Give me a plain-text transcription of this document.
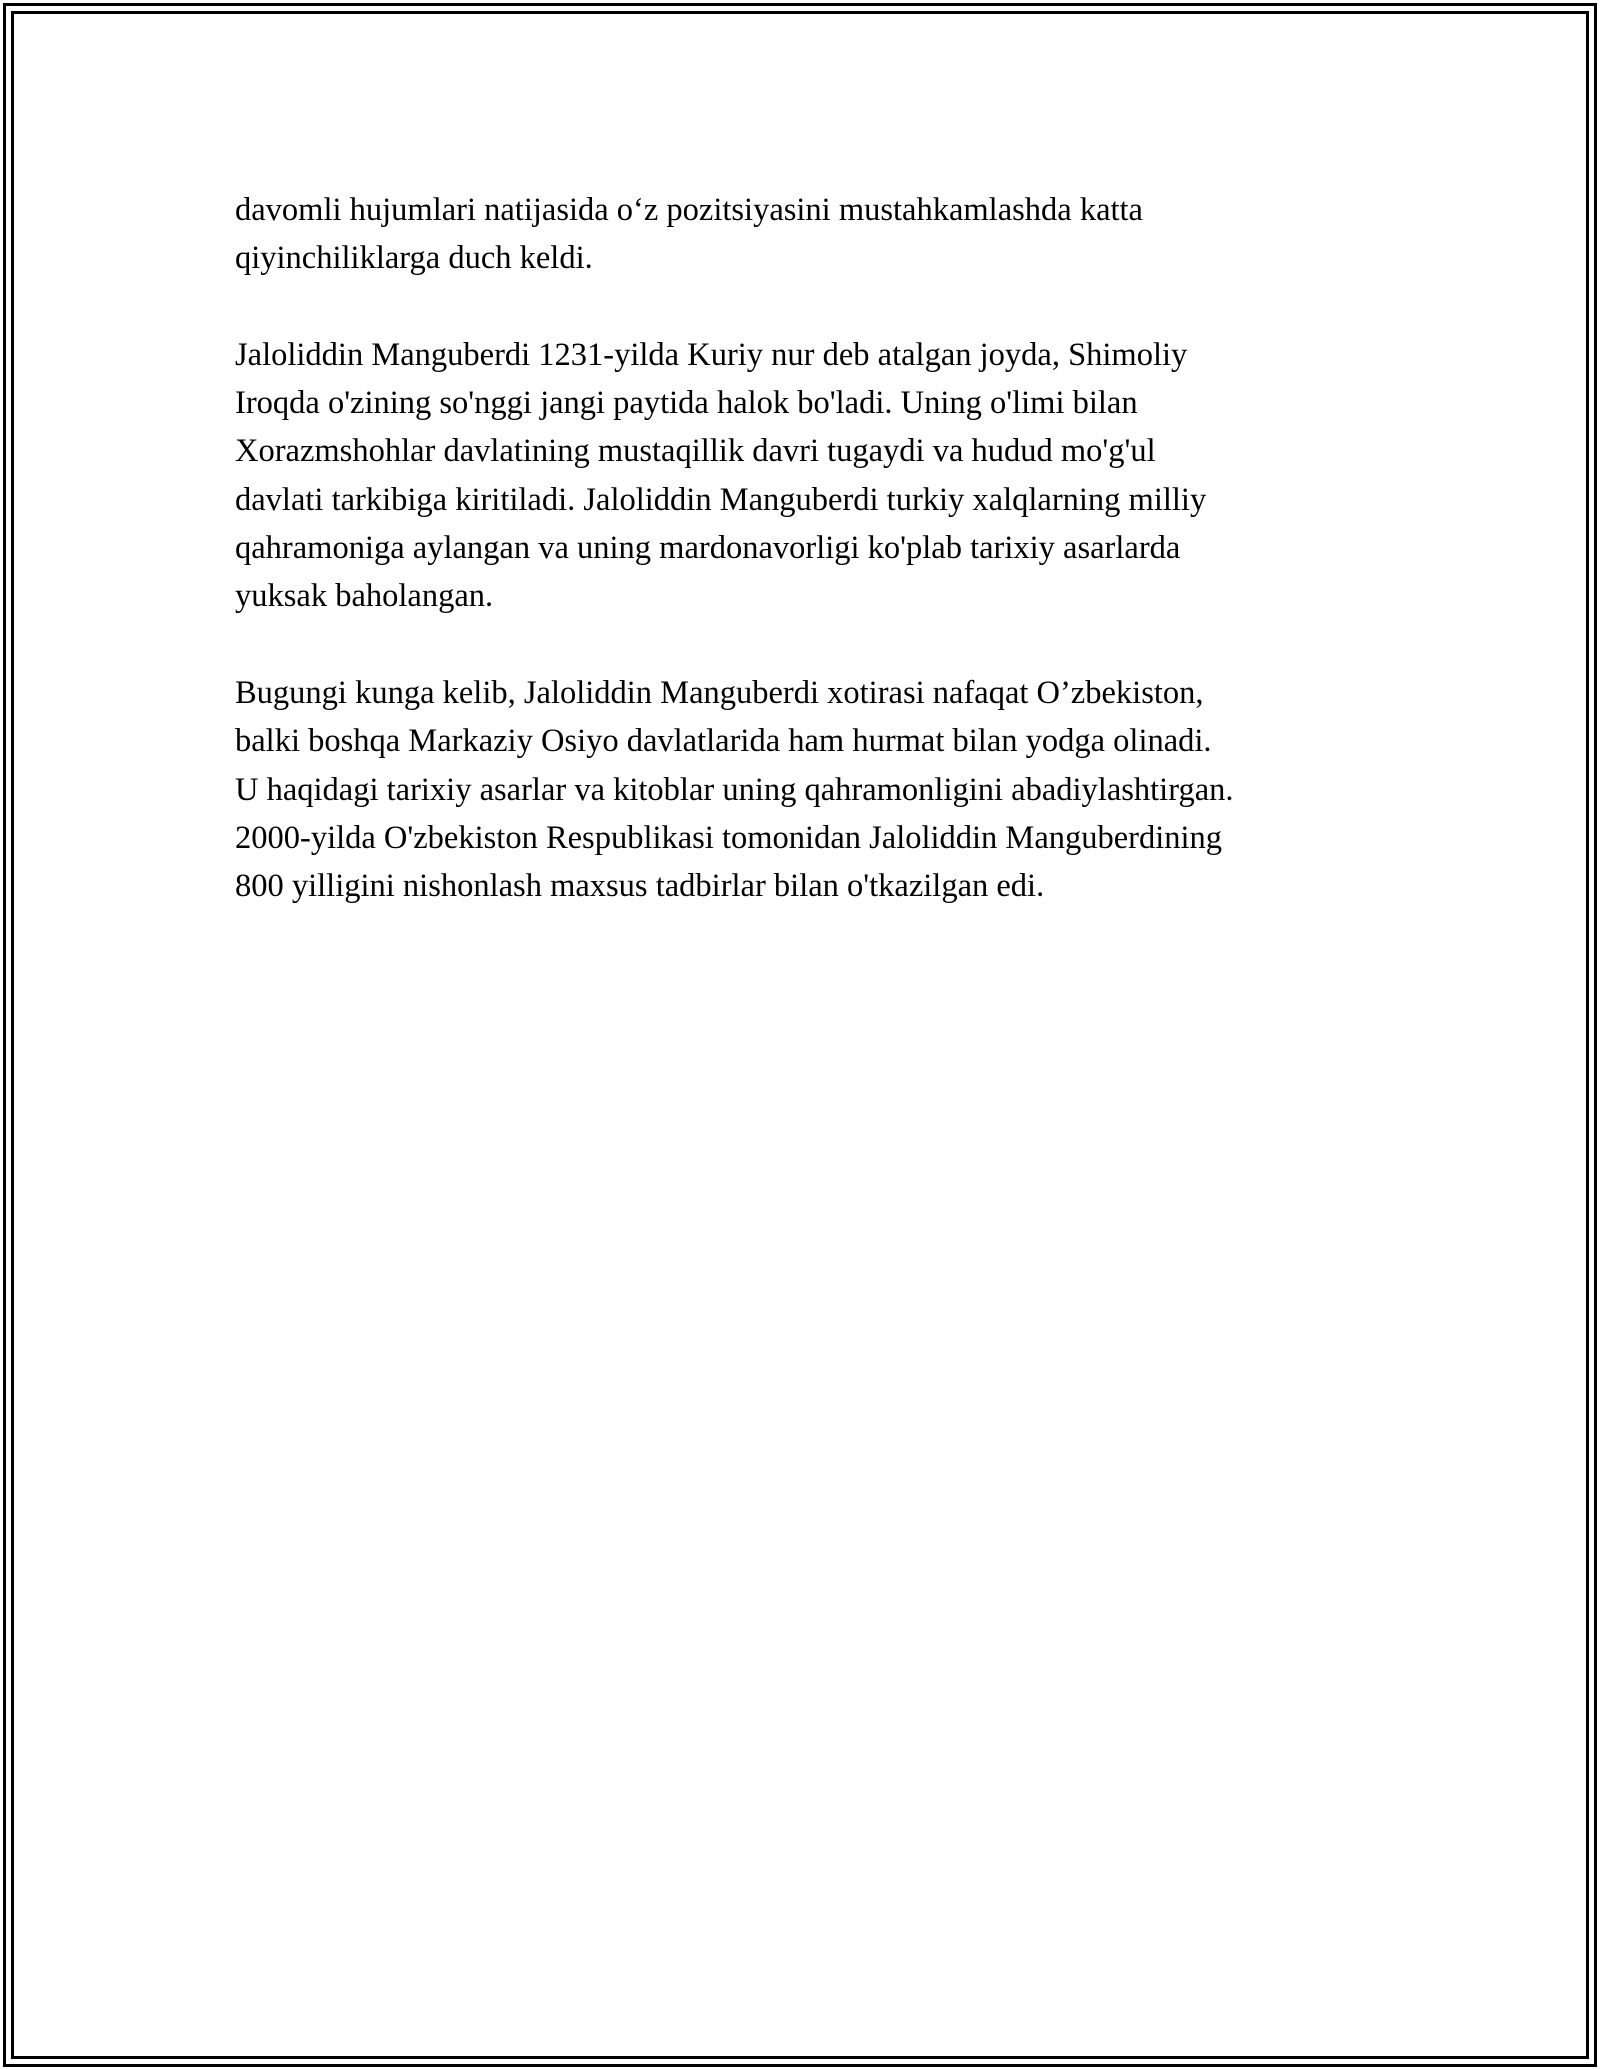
davomli hujumlari natijasida o‘z pozitsiyasini mustahkamlashda katta
qiyinchiliklarga duch keldi.

Jaloliddin Manguberdi 1231-yilda Kuriy nur deb atalgan joyda, Shimoliy
Iroqda o'zining so'nggi jangi paytida halok bo'ladi. Uning o'limi bilan
Xorazmshohlar davlatining mustaqillik davri tugaydi va hudud mo'g'ul
davlati tarkibiga kiritiladi. Jaloliddin Manguberdi turkiy xalqlarning milliy
qahramoniga aylangan va uning mardonavorligi ko'plab tarixiy asarlarda
yuksak baholangan.

Bugungi kunga kelib, Jaloliddin Manguberdi xotirasi nafaqat O’zbekiston,
balki boshqa Markaziy Osiyo davlatlarida ham hurmat bilan yodga olinadi.
U haqidagi tarixiy asarlar va kitoblar uning qahramonligini abadiylashtirgan.
2000-yilda O'zbekiston Respublikasi tomonidan Jaloliddin Manguberdining
800 yilligini nishonlash maxsus tadbirlar bilan o'tkazilgan edi.
